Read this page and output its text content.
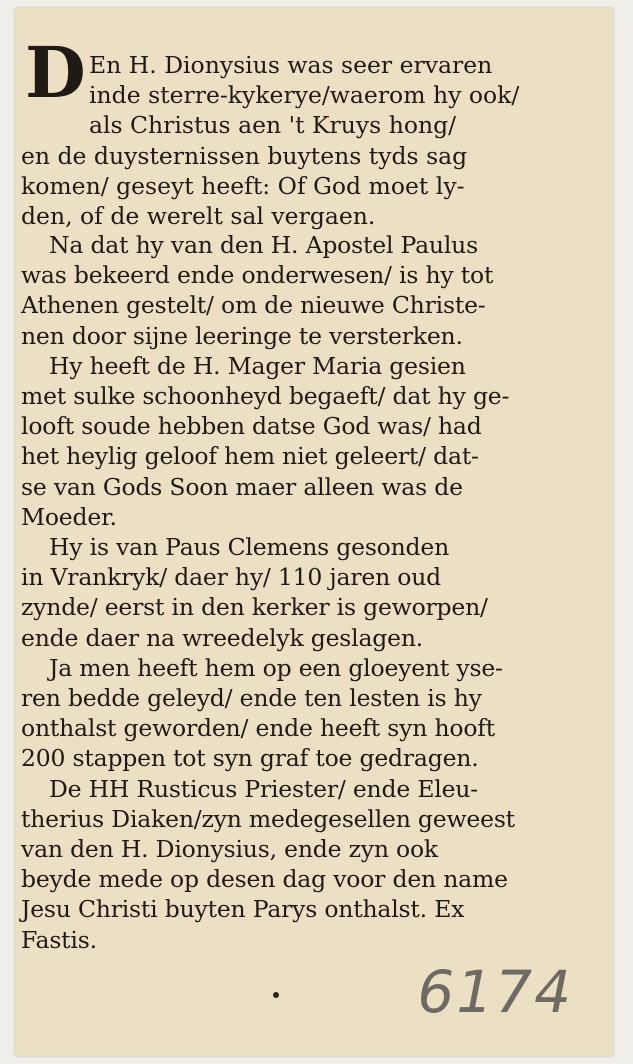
D En H. Dionysius was seer ervaren

inde sterre-kykerye/waerom hy ook/

als Christus aen 't Kruys hong/

en de duysternissen buytens tyds sag

komen/ geseyt heeft: Of God moet ly-

den, of de werelt sal vergaen.

Na dat hy van den H. Apostel Paulus
was bekeerd ende onderwesen/ is hy tot
Athenen gestelt/ om de nieuwe Christe-
nen door sijne leeringe te versterken.

Hy heeft de H. Mager Maria gesien
met sulke schoonheyd begaeft/ dat hy ge-
looft soude hebben datse God was/ had
het heylig geloof hem niet geleert/ dat-
se van Gods Soon maer alleen was de
Moeder.

Hy is van Paus Clemens gesonden
in Vrankryk/ daer hy/ 110 jaren oud
zynde/ eerst in den kerker is geworpen/
ende daer na wreedelyk geslagen.

Ja men heeft hem op een gloeyent yse-
ren bedde geleyd/ ende ten lesten is hy
onthalst geworden/ ende heeft syn hooft
200 stappen tot syn graf toe gedragen.

De HH Rusticus Priester/ ende Eleu-
therius Diaken/zyn medegesellen geweest
van den H. Dionysius, ende zyn ook
beyde mede op desen dag voor den name
Jesu Christi buyten Parys onthalst. Ex
Fastis.

6174
